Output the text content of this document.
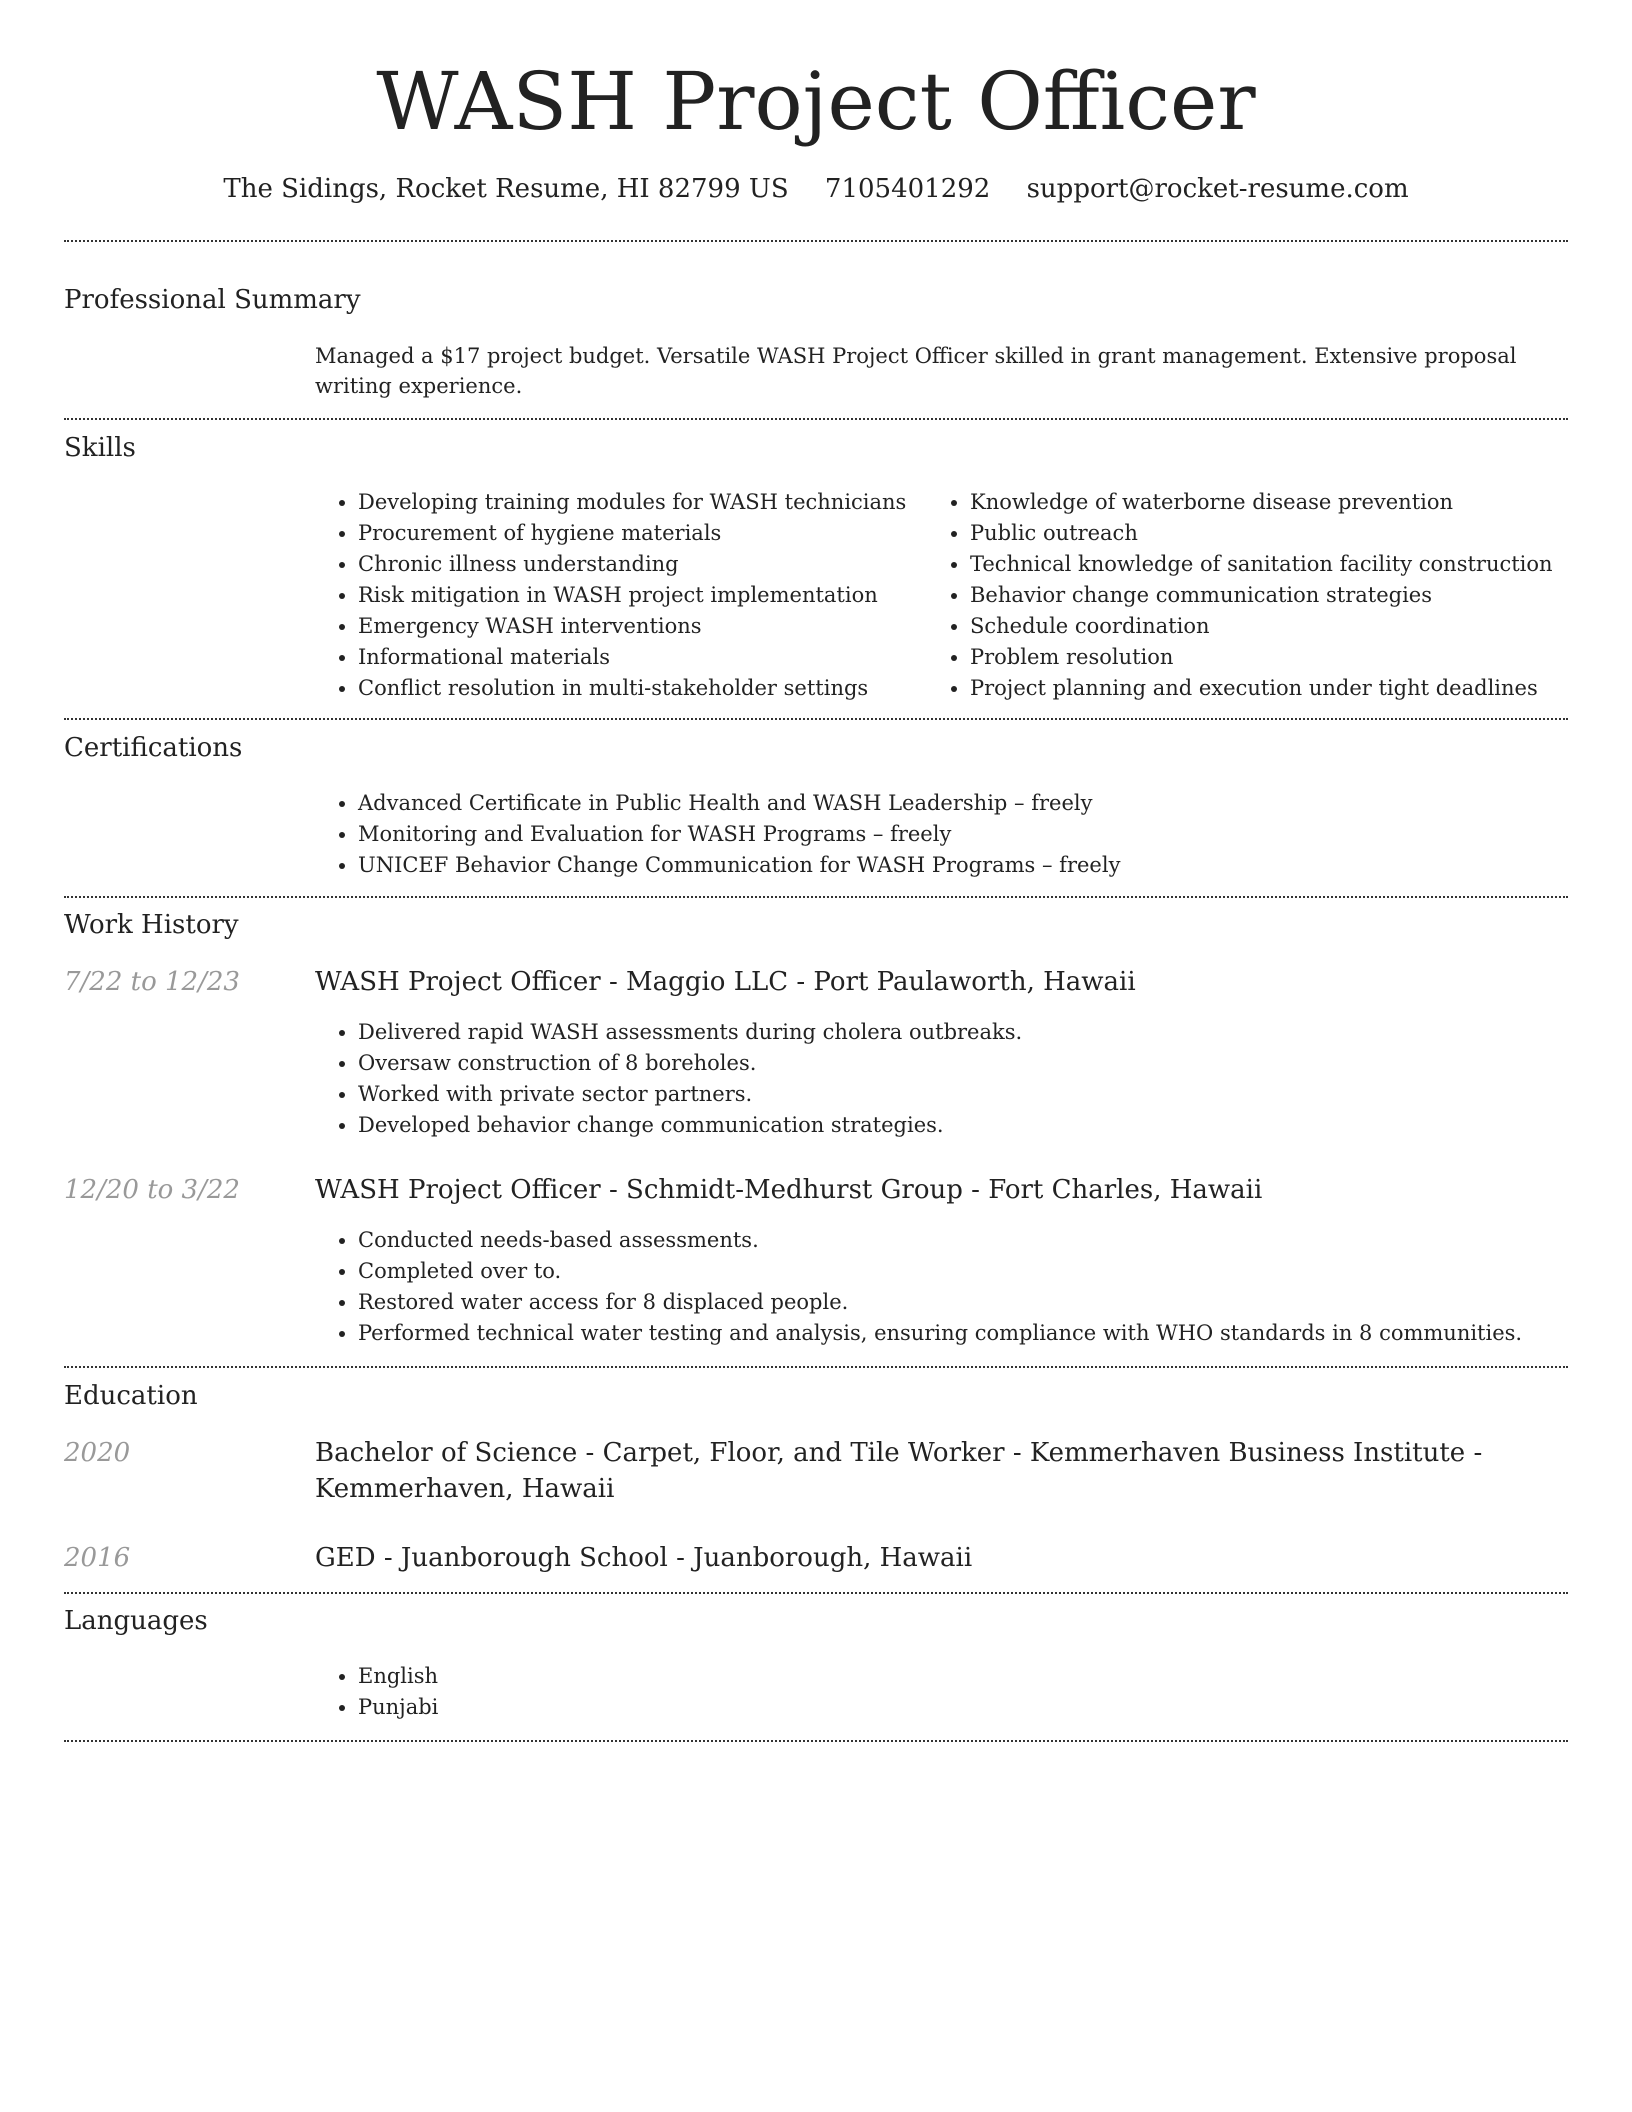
WASH Project Officer
The Sidings, Rocket Resume, HI 82799 US 7105401292 support@rocket-resume.com
Professional Summary
Managed a $17 project budget. Versatile WASH Project Officer skilled in grant management. Extensive proposal writing experience.
Skills
• Developing training modules for WASH technicians
• Procurement of hygiene materials
• Chronic illness understanding
• Risk mitigation in WASH project implementation
• Emergency WASH interventions
• Informational materials
• Conflict resolution in multi-stakeholder settings
• Knowledge of waterborne disease prevention
• Public outreach
• Technical knowledge of sanitation facility construction
• Behavior change communication strategies
• Schedule coordination
• Problem resolution
• Project planning and execution under tight deadlines
Certifications
• Advanced Certificate in Public Health and WASH Leadership – freely
• Monitoring and Evaluation for WASH Programs – freely
• UNICEF Behavior Change Communication for WASH Programs – freely
Work History
7/22 to 12/23	WASH Project Officer - Maggio LLC - Port Paulaworth, Hawaii
• Delivered rapid WASH assessments during cholera outbreaks.
• Oversaw construction of 8 boreholes.
• Worked with private sector partners.
• Developed behavior change communication strategies.
12/20 to 3/22	WASH Project Officer - Schmidt-Medhurst Group - Fort Charles, Hawaii
• Conducted needs-based assessments.
• Completed over to.
• Restored water access for 8 displaced people.
• Performed technical water testing and analysis, ensuring compliance with WHO standards in 8 communities.
Education
2020	Bachelor of Science - Carpet, Floor, and Tile Worker - Kemmerhaven Business Institute - Kemmerhaven, Hawaii
2016	GED - Juanborough School - Juanborough, Hawaii
Languages
• English
• Punjabi
